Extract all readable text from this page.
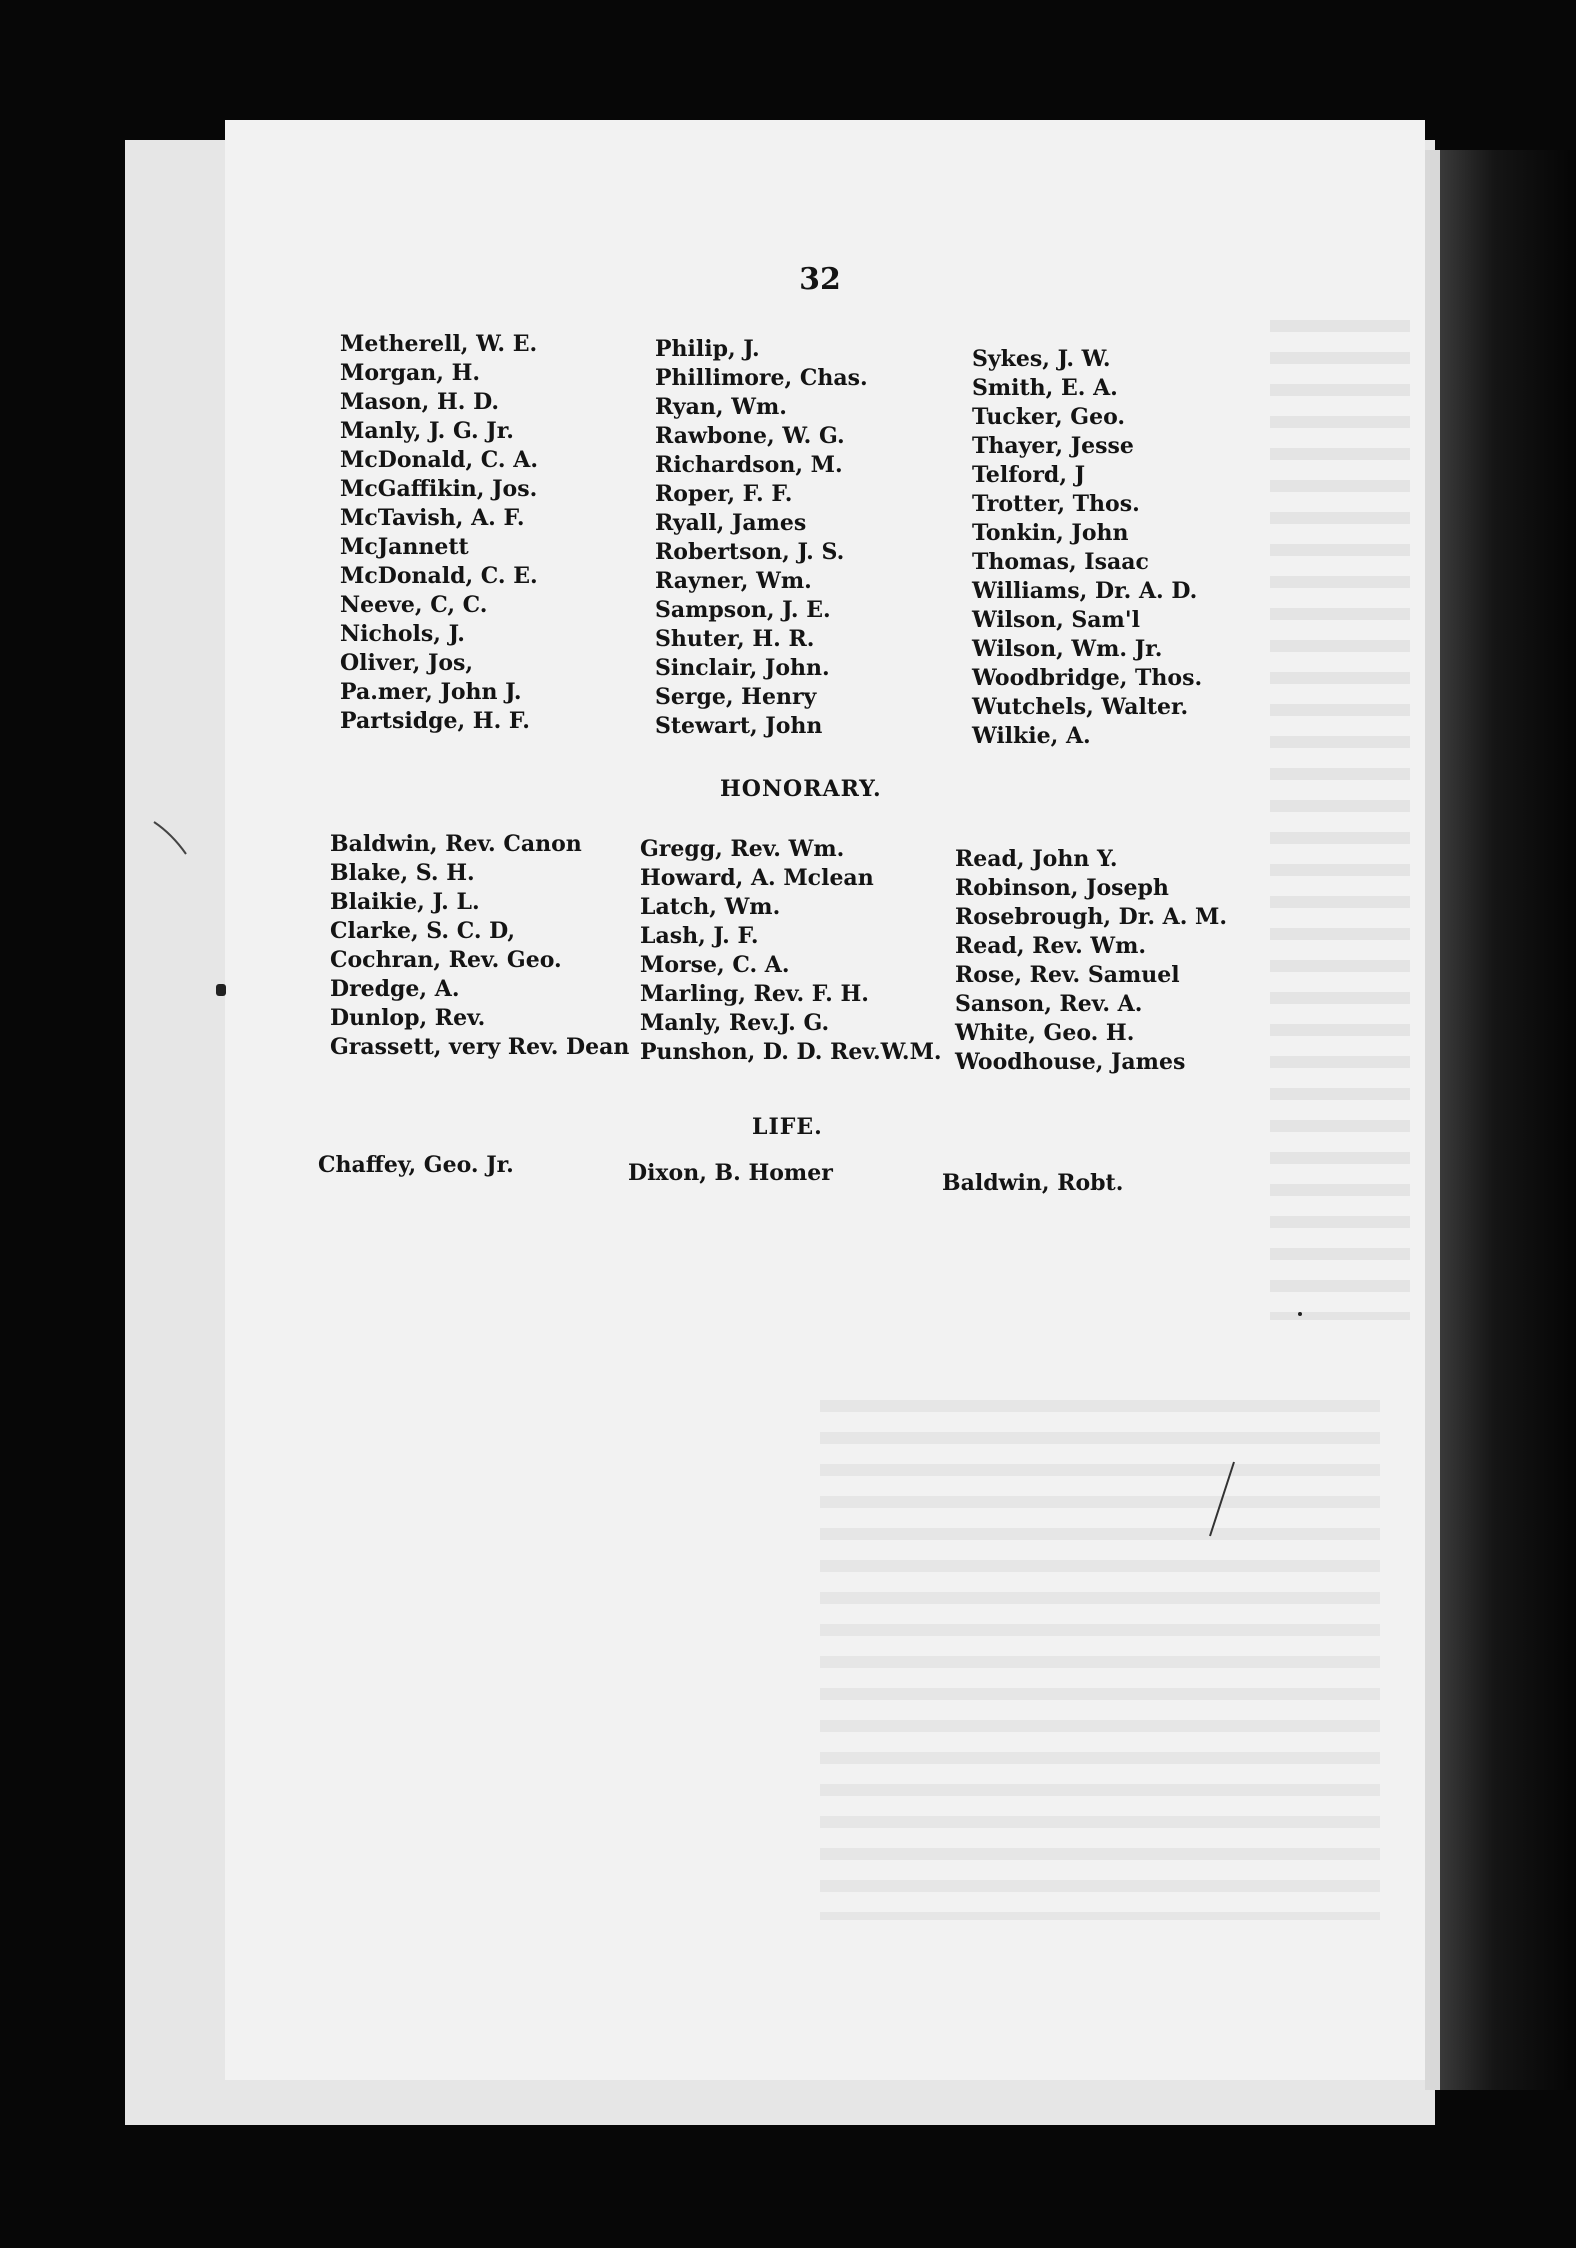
32
Metherell, W. E.
Morgan, H.
Mason, H. D.
Manly, J. G. Jr.
McDonald, C. A.
McGaffikin, Jos.
McTavish, A. F.
McJannett
McDonald, C. E.
Neeve, C, C.
Nichols, J.
Oliver, Jos,
Pa.mer, John J.
Partsidge, H. F.
Philip, J.
Phillimore, Chas.
Ryan, Wm.
Rawbone, W. G.
Richardson, M.
Roper, F. F.
Ryall, James
Robertson, J. S.
Rayner, Wm.
Sampson, J. E.
Shuter, H. R.
Sinclair, John.
Serge, Henry
Stewart, John
Sykes, J. W.
Smith, E. A.
Tucker, Geo.
Thayer, Jesse
Telford, J
Trotter, Thos.
Tonkin, John
Thomas, Isaac
Williams, Dr. A. D.
Wilson, Sam'l
Wilson, Wm. Jr.
Woodbridge, Thos.
Wutchels, Walter.
Wilkie, A.
HONORARY.
Baldwin, Rev. Canon
Blake, S. H.
Blaikie, J. L.
Clarke, S. C. D,
Cochran, Rev. Geo.
Dredge, A.
Dunlop, Rev.
Grassett, very Rev. Dean
Gregg, Rev. Wm.
Howard, A. Mclean
Latch, Wm.
Lash, J. F.
Morse, C. A.
Marling, Rev. F. H.
Manly, Rev.J. G.
Punshon, D. D. Rev.W.M.
Read, John Y.
Robinson, Joseph
Rosebrough, Dr. A. M.
Read, Rev. Wm.
Rose, Rev. Samuel
Sanson, Rev. A.
White, Geo. H.
Woodhouse, James
LIFE.
Chaffey, Geo. Jr.	Dixon, B. Homer	Baldwin, Robt.
